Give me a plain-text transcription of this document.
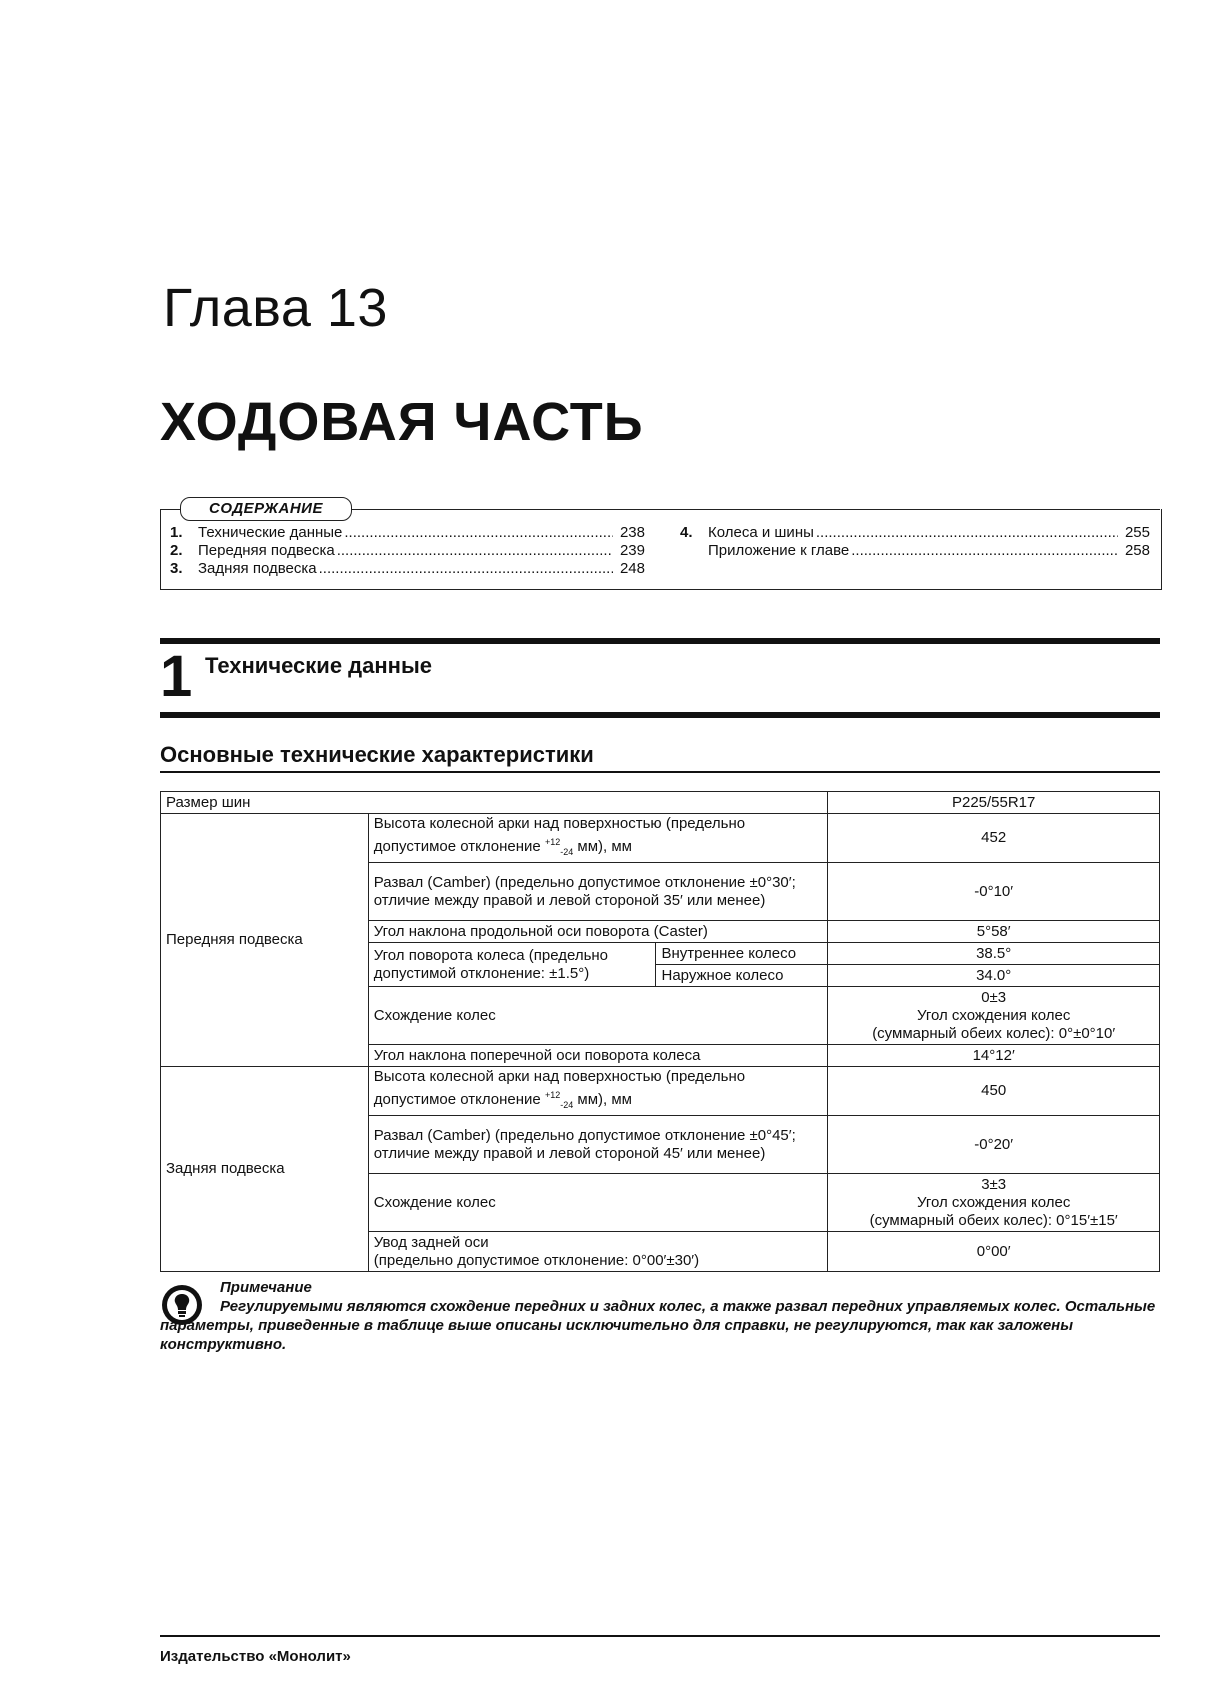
Глава 13
ХОДОВАЯ ЧАСТЬ
СОДЕРЖАНИЕ
1.	Технические данные .....	238
2.	Передняя подвеска .....	239
3.	Задняя подвеска .....	248
4.	Колеса и шины .....	255
Приложение к главе .....	258
1 Технические данные
Основные технические характеристики
Размер шин			P225/55R17
Передняя подвеска	Высота колесной арки над поверхностью (предельно допустимое отклонение $^{+12}_{-24}$ мм), мм		452
	Развал (Camber) (предельно допустимое отклонение ±0°30′; отличие между правой и левой стороной 35′ или менее)		-0°10′
	Угол наклона продольной оси поворота (Caster)		5°58′
	Угол поворота колеса (предельно допустимой отклонение: ±1.5°)	Внутреннее колесо	38.5°
		Наружное колесо	34.0°
	Схождение колес		0±3
Угол схождения колес
(суммарный обеих колес): 0°±0°10′

	Угол наклона поперечной оси поворота колеса		14°12′
Задняя подвеска	Высота колесной арки над поверхностью (предельно допустимое отклонение $^{+12}_{-24}$ мм), мм		450
	Развал (Camber) (предельно допустимое отклонение ±0°45′; отличие между правой и левой стороной 45′ или менее)		-0°20′
	Схождение колес		3±3
Угол схождения колес
(суммарный обеих колес): 0°15′±15′

	Увод задней оси
(предельно допустимое отклонение: 0°00′±30′)		0°00′
Примечание
Регулируемыми являются схождение передних и задних колес, а также развал передних управляемых колес. Остальные параметры, приведенные в таблице выше описаны исключительно для справки, не регулируются, так как заложены конструктивно.
Издательство «Монолит»
